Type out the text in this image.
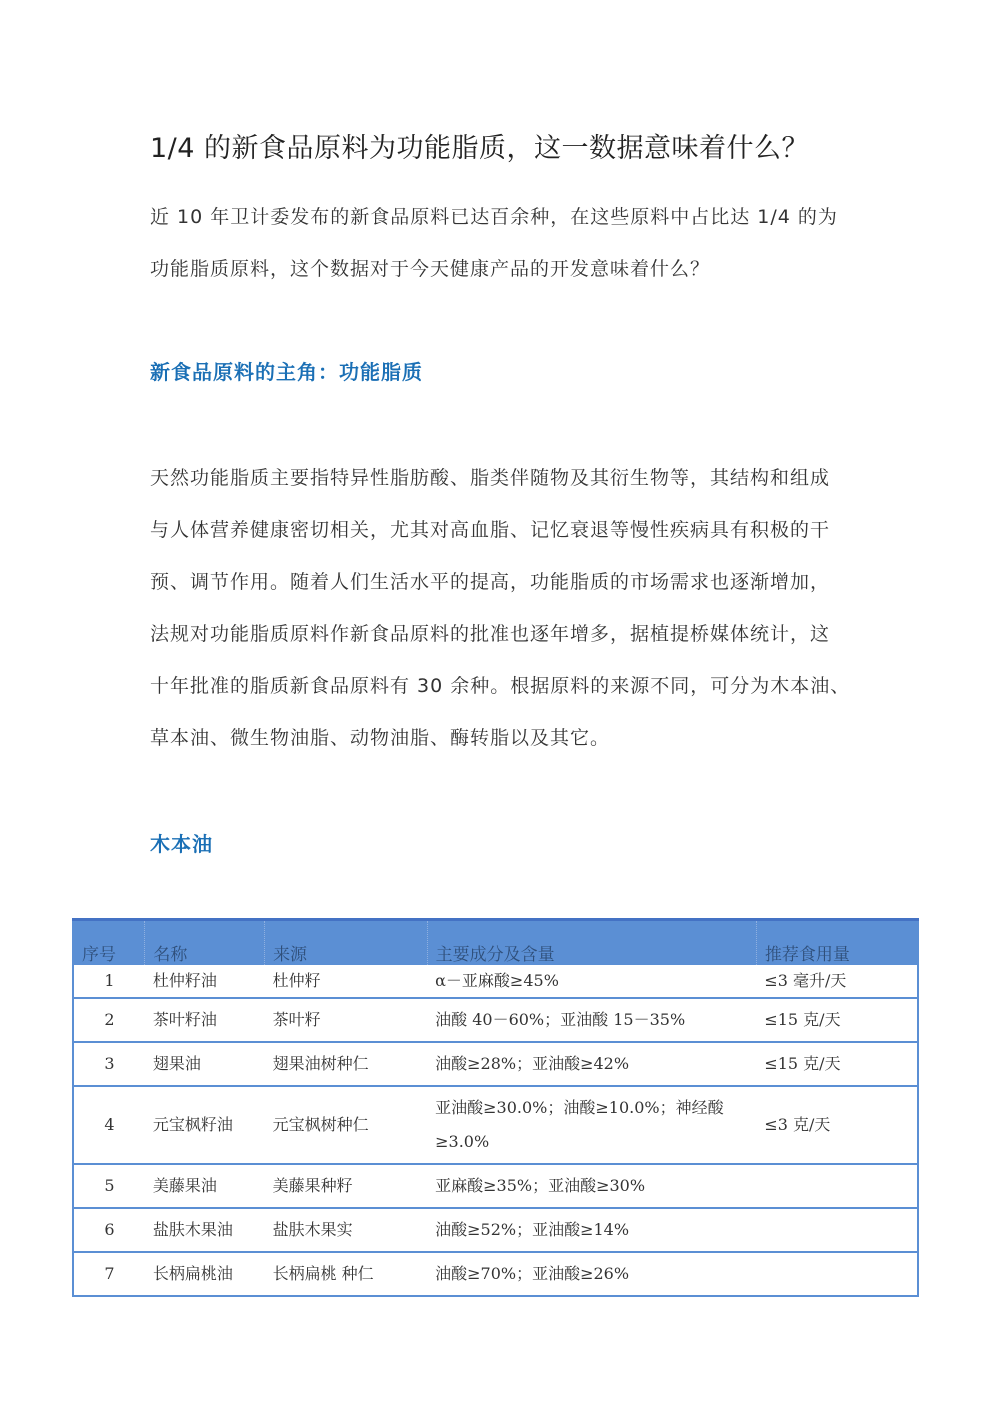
1/4 的新食品原料为功能脂质，这一数据意味着什么？

近 10 年卫计委发布的新食品原料已达百余种，在这些原料中占比达 1/4 的为
功能脂质原料，这个数据对于今天健康产品的开发意味着什么？

新食品原料的主角：功能脂质

天然功能脂质主要指特异性脂肪酸、脂类伴随物及其衍生物等，其结构和组成
与人体营养健康密切相关，尤其对高血脂、记忆衰退等慢性疾病具有积极的干
预、调节作用。随着人们生活水平的提高，功能脂质的市场需求也逐渐增加，
法规对功能脂质原料作新食品原料的批准也逐年增多，据植提桥媒体统计，这
十年批准的脂质新食品原料有 30 余种。根据原料的来源不同，可分为木本油、
草本油、微生物油脂、动物油脂、酶转脂以及其它。

木本油
序号	名称	来源	主要成分及含量	推荐食用量
1	杜仲籽油	杜仲籽	α－亚麻酸≥45%	≤3 毫升/天
2	茶叶籽油	茶叶籽	油酸 40－60%；亚油酸 15－35%	≤15 克/天
3	翅果油	翅果油树种仁	油酸≥28%；亚油酸≥42%	≤15 克/天
4	元宝枫籽油	元宝枫树种仁	亚油酸≥30.0%；油酸≥10.0%；神经酸≥3.0%	≤3 克/天
5	美藤果油	美藤果种籽	亚麻酸≥35%；亚油酸≥30%	
6	盐肤木果油	盐肤木果实	油酸≥52%；亚油酸≥14%	
7	长柄扁桃油	长柄扁桃 种仁	油酸≥70%；亚油酸≥26%	
